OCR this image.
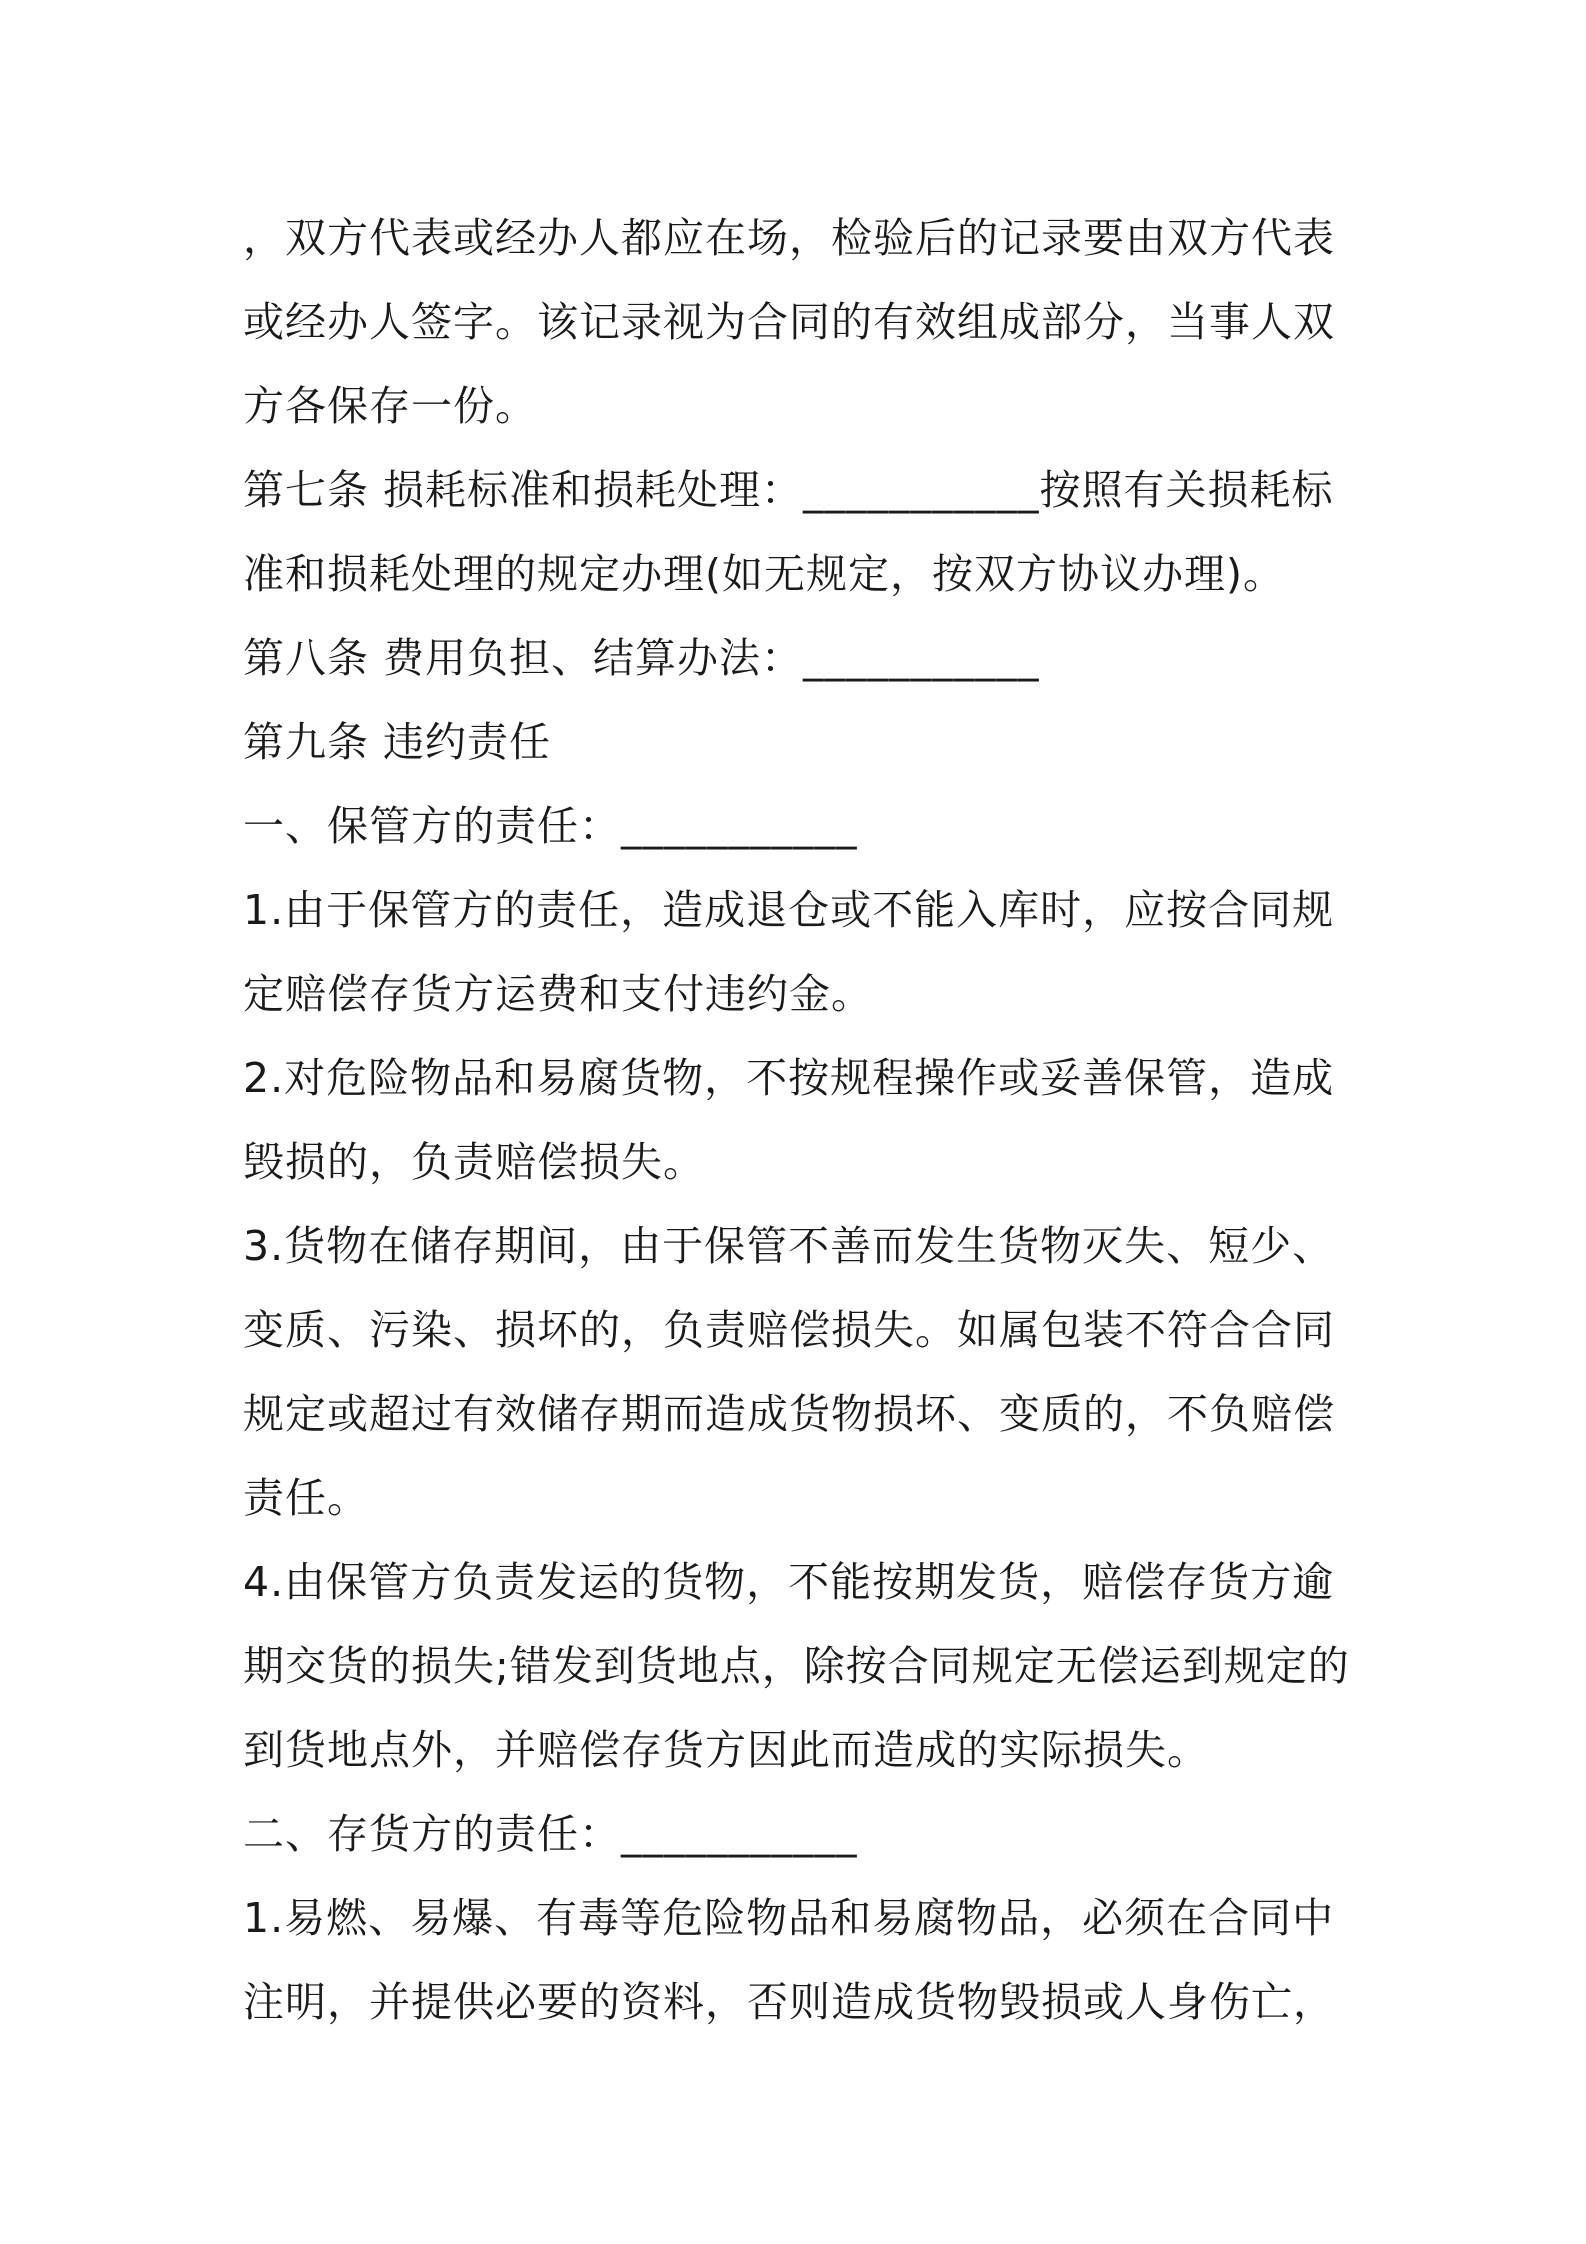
，双方代表或经办人都应在场，检验后的记录要由双方代表
或经办人签字。该记录视为合同的有效组成部分，当事人双
方各保存一份。
第七条 损耗标准和损耗处理：___________按照有关损耗标
准和损耗处理的规定办理(如无规定，按双方协议办理)。
第八条 费用负担、结算办法：___________
第九条 违约责任
一、保管方的责任：___________
1.由于保管方的责任，造成退仓或不能入库时，应按合同规
定赔偿存货方运费和支付违约金。
2.对危险物品和易腐货物，不按规程操作或妥善保管，造成
毁损的，负责赔偿损失。
3.货物在储存期间，由于保管不善而发生货物灭失、短少、
变质、污染、损坏的，负责赔偿损失。如属包装不符合合同
规定或超过有效储存期而造成货物损坏、变质的，不负赔偿
责任。
4.由保管方负责发运的货物，不能按期发货，赔偿存货方逾
期交货的损失;错发到货地点，除按合同规定无偿运到规定的
到货地点外，并赔偿存货方因此而造成的实际损失。
二、存货方的责任：___________
1.易燃、易爆、有毒等危险物品和易腐物品，必须在合同中
注明，并提供必要的资料，否则造成货物毁损或人身伤亡，
